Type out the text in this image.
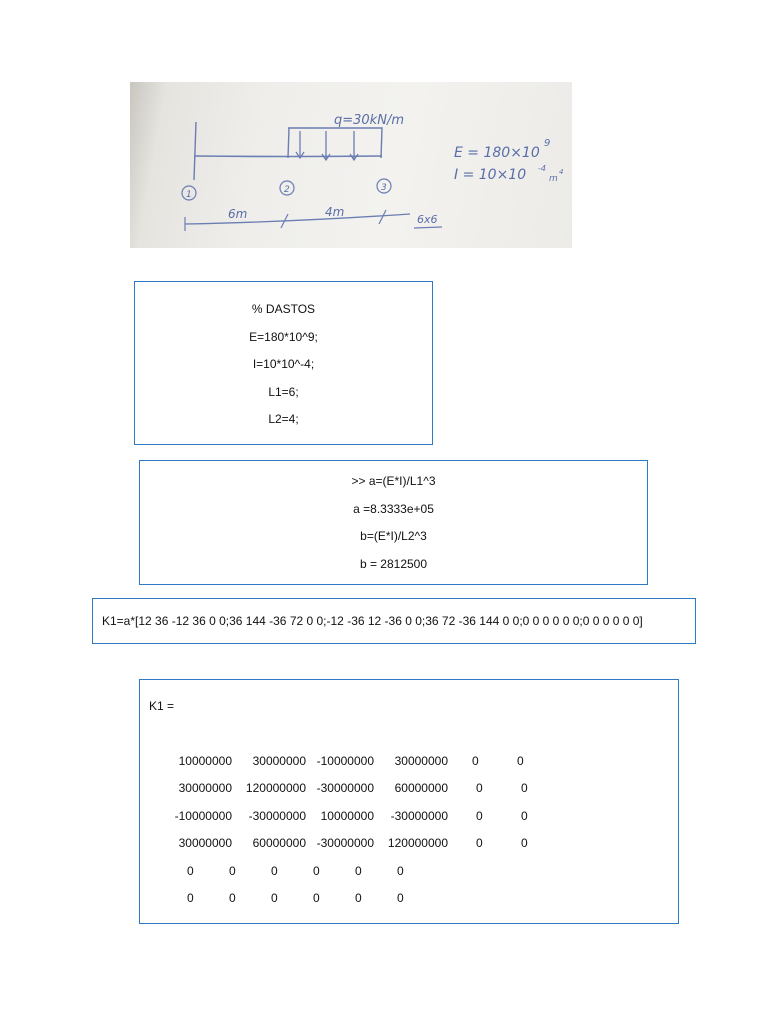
q=30kN/m
1	2	3
6m	4m
6x6
E = 180×10
9
I = 10×10 -4
m
4
% DASTOS
E=180*10^9;
I=10*10^-4;
L1=6;
L2=4;
>> a=(E*I)/L1^3
a =8.3333e+05
b=(E*I)/L2^3
b = 2812500
K1=a*[12 36 -12 36 0 0;36 144 -36 72 0 0;-12 -36 12 -36 0 0;36 72 -36 144 0 0;0 0 0 0 0 0;0 0 0 0 0 0]
K1 =
10000000 30000000 -10000000 30000000 0	0
30000000 120000000 -30000000 60000000 0	0
-10000000 -30000000 10000000 -30000000 0	0
30000000 60000000 -30000000 120000000 0	0
0	0	0	0	0	0
0	0	0	0	0	0
